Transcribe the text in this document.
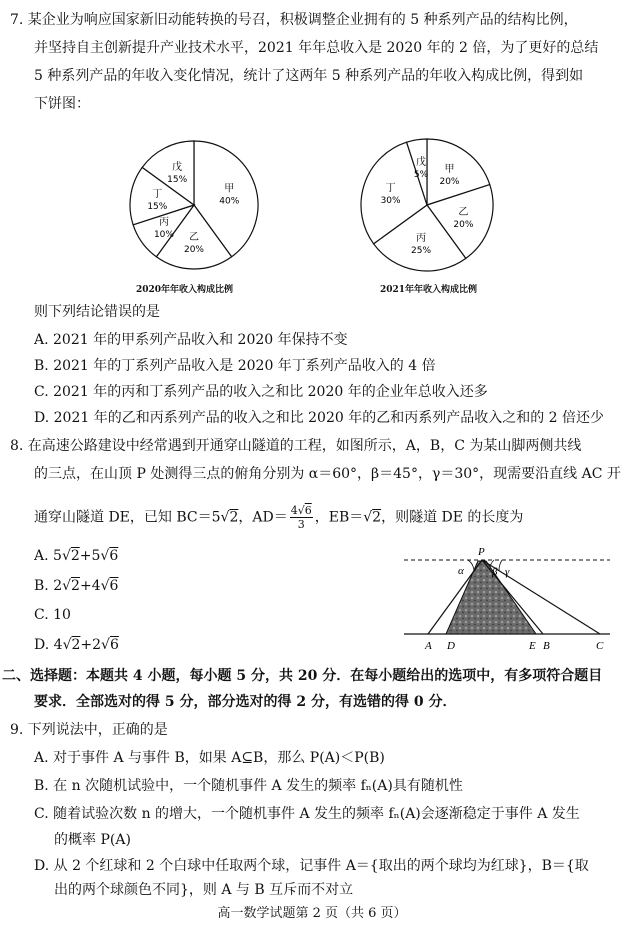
7. 某企业为响应国家新旧动能转换的号召，积极调整企业拥有的 5 种系列产品的结构比例，
并坚持自主创新提升产业技术水平，2021 年年总收入是 2020 年的 2 倍，为了更好的总结
5 种系列产品的年收入变化情况，统计了这两年 5 种系列产品的年收入构成比例，得到如
下饼图：
甲
40%
乙
20%
丙
10%
丁
15%
戊
15%
2020年年收入构成比例
甲
20%
乙
20%
丙
25%
丁
30%
戊
5%
2021年年收入构成比例
则下列结论错误的是
A. 2021 年的甲系列产品收入和 2020 年保持不变
B. 2021 年的丁系列产品收入是 2020 年丁系列产品收入的 4 倍
C. 2021 年的丙和丁系列产品的收入之和比 2020 年的企业年总收入还多
D. 2021 年的乙和丙系列产品的收入之和比 2020 年的乙和丙系列产品收入之和的 2 倍还少
8. 在高速公路建设中经常遇到开通穿山隧道的工程，如图所示，A，B，C 为某山脚两侧共线
的三点，在山顶 P 处测得三点的俯角分别为 α＝60°，β＝45°，γ＝30°，现需要沿直线 AC 开
通穿山隧道 DE，已知 BC＝5√2，$AD= \frac{4√6}{3}$ ，EB＝√2，则隧道 DE 的长度为
A. 5√2+5√6
B. 2√2+4√6
C. 10
D. 4√2+2√6
P
α	β γ
A D	E B	C
二、选择题：本题共 4 小题，每小题 5 分，共 20 分．在每小题给出的选项中，有多项符合题目
要求．全部选对的得 5 分，部分选对的得 2 分，有选错的得 0 分．
9. 下列说法中，正确的是
A. 对于事件 A 与事件 B，如果 A⊆B，那么 P(A)＜P(B)
B. 在 n 次随机试验中，一个随机事件 A 发生的频率 fₙ(A)具有随机性
C. 随着试验次数 n 的增大，一个随机事件 A 发生的频率 fₙ(A)会逐渐稳定于事件 A 发生
的概率 P(A)
D. 从 2 个红球和 2 个白球中任取两个球，记事件 A＝{取出的两个球均为红球}，B＝{取
出的两个球颜色不同}，则 A 与 B 互斥而不对立
高一数学试题第 2 页（共 6 页）
